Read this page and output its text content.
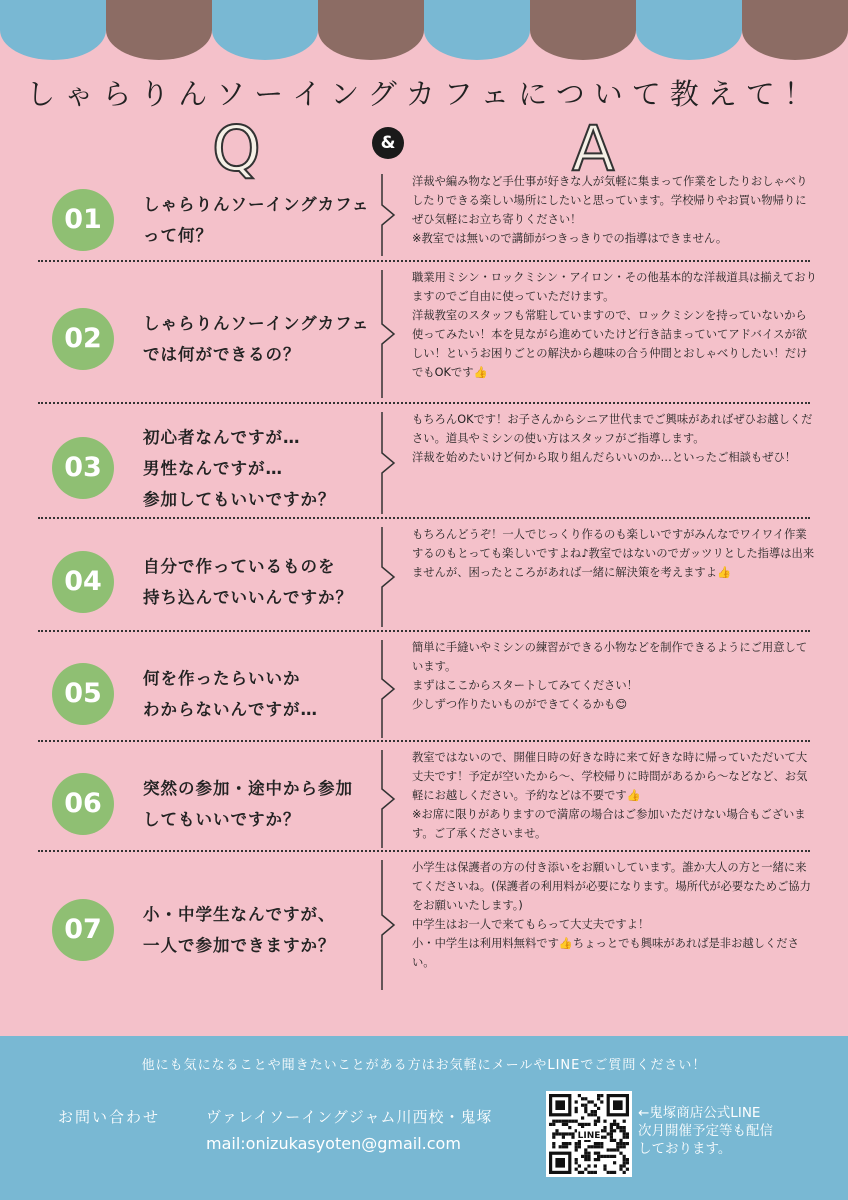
しゃらりんソーイングカフェについて教えて！
Q	&	A
01	しゃらりんソーイングカフェ
って何？

洋裁や編み物など手仕事が好きな人が気軽に集まって作業をしたりおしゃべりしたりできる楽しい場所にしたいと思っています。学校帰りやお買い物帰りにぜひ気軽にお立ち寄りください！

※教室では無いので講師がつきっきりでの指導はできません。

02	しゃらりんソーイングカフェ
では何ができるの？

職業用ミシン・ロックミシン・アイロン・その他基本的な洋裁道具は揃えておりますのでご自由に使っていただけます。

洋裁教室のスタッフも常駐していますので、ロックミシンを持っていないから使ってみたい！本を見ながら進めていたけど行き詰まっていてアドバイスが欲しい！というお困りごとの解決から趣味の合う仲間とおしゃべりしたい！だけでもOKです👍

03
初心者なんですが…
男性なんですが…
参加してもいいですか？

もちろんOKです！お子さんからシニア世代までご興味があればぜひお越しください。道具やミシンの使い方はスタッフがご指導します。

洋裁を始めたいけど何から取り組んだらいいのか…といったご相談もぜひ！

04	自分で作っているものを
持ち込んでいいんですか？

もちろんどうぞ！一人でじっくり作るのも楽しいですがみんなでワイワイ作業するのもとっても楽しいですよね♪教室ではないのでガッツリとした指導は出来ませんが、困ったところがあれば一緒に解決策を考えますよ👍

05	何を作ったらいいか
わからないんですが…

簡単に手縫いやミシンの練習ができる小物などを制作できるようにご用意しています。

まずはここからスタートしてみてください！

少しずつ作りたいものができてくるかも😊

06	突然の参加・途中から参加
してもいいですか？

教室ではないので、開催日時の好きな時に来て好きな時に帰っていただいて大丈夫です！予定が空いたから〜、学校帰りに時間があるから〜などなど、お気軽にお越しください。予約などは不要です👍

※お席に限りがありますので満席の場合はご参加いただけない場合もございます。ご了承くださいませ。

07	小・中学生なんですが、
一人で参加できますか？

小学生は保護者の方の付き添いをお願いしています。誰か大人の方と一緒に来てくださいね。(保護者の利用料が必要になります。場所代が必要なためご協力をお願いいたします。)

中学生はお一人で来てもらって大丈夫ですよ！

小・中学生は利用料無料です👍ちょっとでも興味があれば是非お越しください。

他にも気になることや聞きたいことがある方はお気軽にメールやLINEでご質問ください！
お問い合わせ	ヴァレイソーイングジャム川西校・鬼塚
mail:onizukasyoten@gmail.com	LINE
←鬼塚商店公式LINE
次月開催予定等も配信
しております。
